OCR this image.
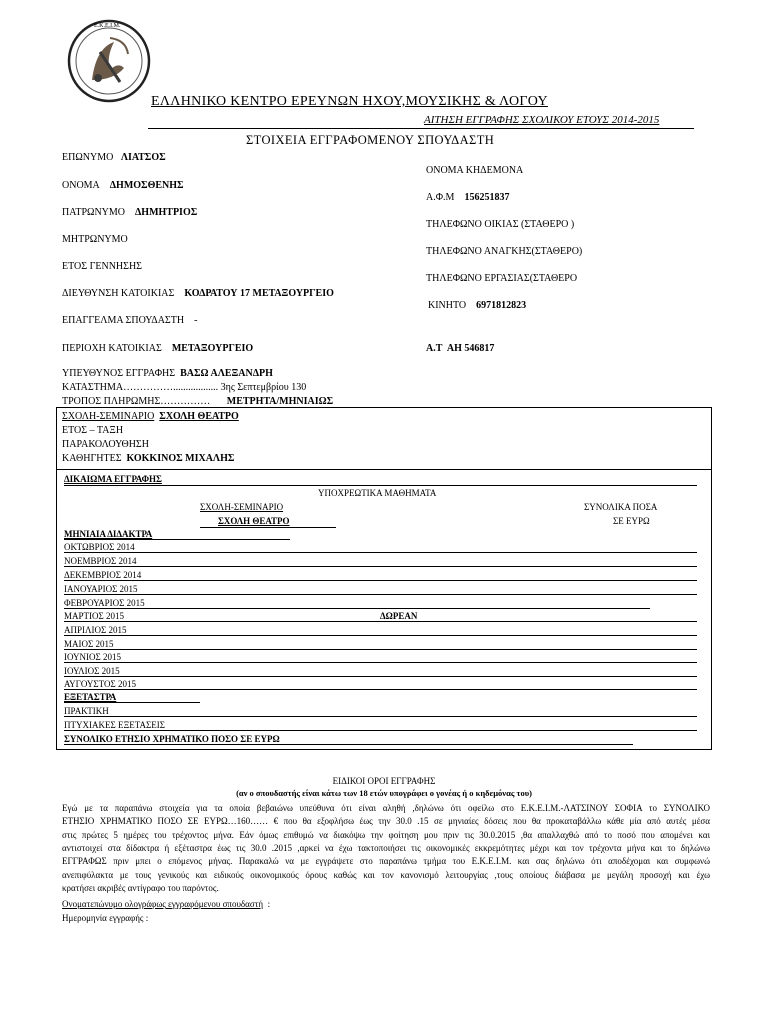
Ε.Κ.Ε.Ι.Μ.
ΕΛΛΗΝΙΚΟ ΚΕΝΤΡΟ ΕΡΕΥΝΩΝ ΗΧΟΥ,ΜΟΥΣΙΚΗΣ & ΛΟΓΟΥ
ΑΙΤΗΣΗ ΕΓΓΡΑΦΗΣ ΣΧΟΛΙΚΟΥ ΕΤΟΥΣ 2014-2015
ΣΤΟΙΧΕΙΑ ΕΓΓΡΑΦΟΜΕΝΟΥ ΣΠΟΥΔΑΣΤΗ
ΕΠΩΝΥΜΟ ΛΙΑΤΣΟΣ
ΟΝΟΜΑ ΔΗΜΟΣΘΕΝΗΣ
ΠΑΤΡΩΝΥΜΟ ΔΗΜΗΤΡΙΟΣ
ΜΗΤΡΩΝΥΜΟ
ΕΤΟΣ ΓΕΝΝΗΣΗΣ
ΔΙΕΥΘΥΝΣΗ ΚΑΤΟΙΚΙΑΣ ΚΟΔΡΑΤΟΥ 17 ΜΕΤΑΞΟΥΡΓΕΙΟ
ΕΠΑΓΓΕΛΜΑ ΣΠΟΥΔΑΣΤΗ -
ΠΕΡΙΟΧΗ ΚΑΤΟΙΚΙΑΣ ΜΕΤΑΞΟΥΡΓΕΙΟ
ΥΠΕΥΘΥΝΟΣ ΕΓΓΡΑΦΗΣ ΒΑΣΩ ΑΛΕΞΑΝΔΡΗ
ΚΑΤΑΣΤΗΜΑ…………….................. 3ης Σεπτεμβρίου 130
ΤΡΟΠΟΣ ΠΛΗΡΩΜΗΣ…………… ΜΕΤΡΗΤΑ/ΜΗΝΙΑΙΩΣ
ΟΝΟΜΑ ΚΗΔΕΜΟΝΑ
Α.Φ.Μ 156251837
ΤΗΛΕΦΩΝΟ ΟΙΚΙΑΣ (ΣΤΑΘΕΡΟ )
ΤΗΛΕΦΩΝΟ ΑΝΑΓΚΗΣ(ΣΤΑΘΕΡΟ)
ΤΗΛΕΦΩΝΟ ΕΡΓΑΣΙΑΣ(ΣΤΑΘΕΡΟ
ΚΙΝΗΤΟ 6971812823
Α.Τ ΑΗ 546817
ΣΧΟΛΗ-ΣΕΜΙΝΑΡΙΟ ΣΧΟΛΗ ΘΕΑΤΡΟ
ΕΤΟΣ – ΤΑΞΗ
ΠΑΡΑΚΟΛΟΥΘΗΣΗ
ΚΑΘΗΓΗΤΕΣ ΚΟΚΚΙΝΟΣ ΜΙΧΑΛΗΣ
ΔΙΚΑΙΩΜΑ ΕΓΓΡΑΦΗΣ
ΥΠΟΧΡΕΩΤΙΚΑ ΜΑΘΗΜΑΤΑ
ΣΧΟΛΗ-ΣΕΜΙΝΑΡΙΟ	ΣΥΝΟΛΙΚΑ ΠΟΣΑ
ΣΧΟΛΗ ΘΕΑΤΡΟ	ΣΕ ΕΥΡΩ
ΜΗΝΙΑΙΑ ΔΙΔΑΚΤΡΑ
ΟΚΤΩΒΡΙΟΣ 2014
ΝΟΕΜΒΡΙΟΣ 2014
ΔΕΚΕΜΒΡΙΟΣ 2014
ΙΑΝΟΥΑΡΙΟΣ 2015
ΦΕΒΡΟΥΑΡΙΟΣ 2015
ΜΑΡΤΙΟΣ 2015
ΑΠΡΙΛΙΟΣ 2015
ΜΑΙΟΣ 2015
ΙΟΥΝΙΟΣ 2015
ΙΟΥΛΙΟΣ 2015
ΑΥΓΟΥΣΤΟΣ 2015
ΔΩΡΕΑΝ
ΕΞΕΤΑΣΤΡΑ
ΠΡΑΚΤΙΚΗ
ΠΤΥΧΙΑΚΕΣ ΕΞΕΤΑΣΕΙΣ
ΣΥΝΟΛΙΚΟ ΕΤΗΣΙΟ ΧΡΗΜΑΤΙΚΟ ΠΟΣΟ ΣΕ ΕΥΡΩ
ΕΙΔΙΚΟΙ ΟΡΟΙ ΕΓΓΡΑΦΗΣ
(αν ο σπουδαστής είναι κάτω των 18 ετών υπογράφει ο γονέας ή ο κηδεμόνας του)
Εγώ με τα παραπάνω στοιχεία για τα οποία βεβαιώνω υπεύθυνα ότι είναι αληθή ,δηλώνω ότι οφείλω στο Ε.Κ.Ε.Ι.Μ.-ΛΑΤΣΙΝΟΥ ΣΟΦΙΑ το ΣΥΝΟΛΙΚΟ
ΕΤΗΣΙΟ ΧΡΗΜΑΤΙΚΟ ΠΟΣΟ ΣΕ ΕΥΡΩ…160…… € που θα εξοφλήσω έως την 30.0 .15 σε μηνιαίες δόσεις που θα προκαταβάλλω κάθε μία από αυτές μέσα
στις πρώτες 5 ημέρες του τρέχοντος μήνα. Εάν όμως επιθυμώ να διακόψω την φοίτηση μου πριν τις 30.0.2015 ,θα απαλλαχθώ από το ποσό που απομένει και
αντιστοιχεί στα δίδακτρα ή εξέταστρα έως τις 30.0 .2015 ,αρκεί να έχω τακτοποιήσει τις οικονομικές εκκρεμότητες μέχρι και τον τρέχοντα μήνα και το δηλώνω
ΕΓΓΡΑΦΩΣ πριν μπει ο επόμενος μήνας. Παρακαλώ να με εγγράψετε στο παραπάνω τμήμα του Ε.Κ.Ε.Ι.Μ. και σας δηλώνω ότι αποδέχομαι και συμφωνώ
ανεπιφύλακτα με τους γενικούς και ειδικούς οικονομικούς όρους καθώς και τον κανονισμό λειτουργίας ,τους οποίους διάβασα με μεγάλη προσοχή και έχω
κρατήσει ακριβές αντίγραφο του παρόντος.
Ονοματεπώνυμο ολογράφως εγγραφόμενου σπουδαστή  :
Ημερομηνία εγγραφής :
